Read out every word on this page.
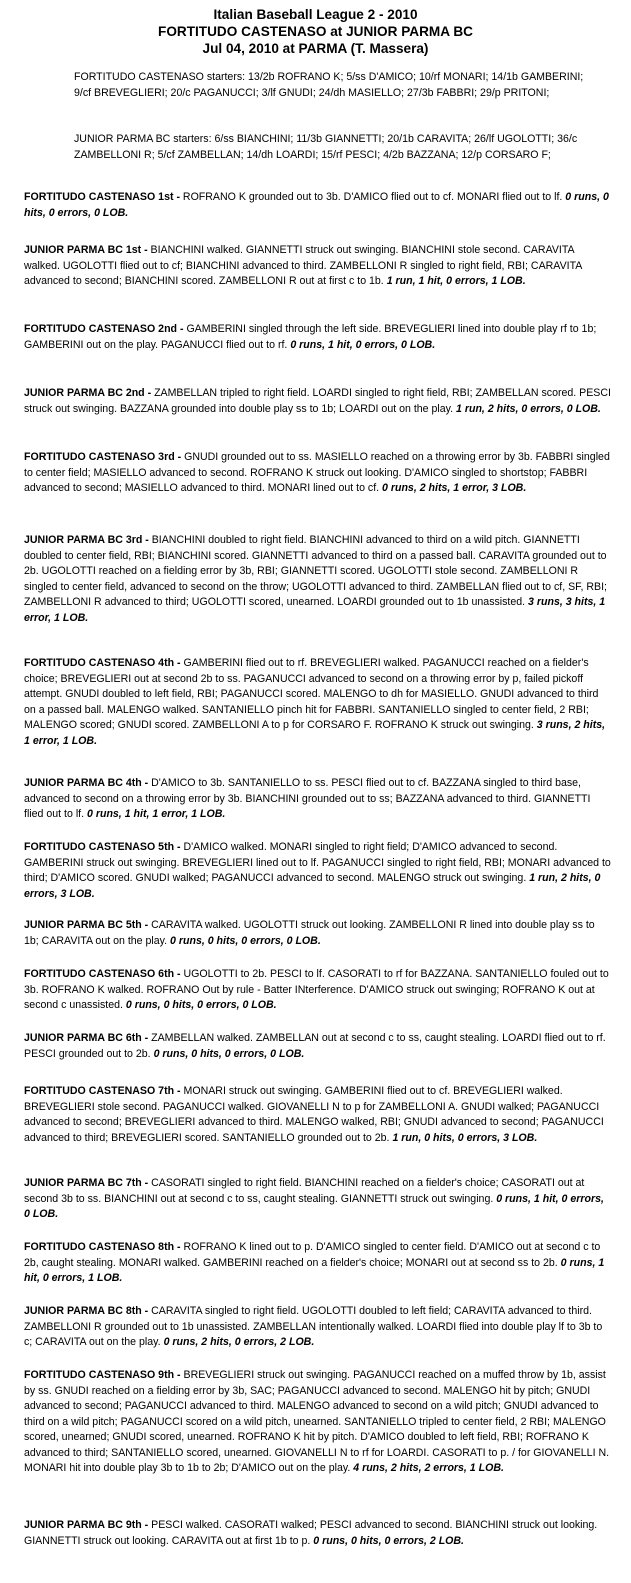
Italian Baseball League 2 - 2010
FORTITUDO CASTENASO at JUNIOR PARMA BC
Jul 04, 2010 at PARMA (T. Massera)

FORTITUDO CASTENASO starters: 13/2b ROFRANO K; 5/ss D'AMICO; 10/rf MONARI; 14/1b GAMBERINI; 9/cf BREVEGLIERI; 20/c PAGANUCCI; 3/lf GNUDI; 24/dh MASIELLO; 27/3b FABBRI; 29/p PRITONI;

JUNIOR PARMA BC starters: 6/ss BIANCHINI; 11/3b GIANNETTI; 20/1b CARAVITA; 26/lf UGOLOTTI; 36/c ZAMBELLONI R; 5/cf ZAMBELLAN; 14/dh LOARDI; 15/rf PESCI; 4/2b BAZZANA; 12/p CORSARO F;

FORTITUDO CASTENASO 1st - ROFRANO K grounded out to 3b. D'AMICO flied out to cf. MONARI flied out to lf. 0 runs, 0 hits, 0 errors, 0 LOB.

JUNIOR PARMA BC 1st - BIANCHINI walked. GIANNETTI struck out swinging. BIANCHINI stole second. CARAVITA walked. UGOLOTTI flied out to cf; BIANCHINI advanced to third. ZAMBELLONI R singled to right field, RBI; CARAVITA advanced to second; BIANCHINI scored. ZAMBELLONI R out at first c to 1b. 1 run, 1 hit, 0 errors, 1 LOB.

FORTITUDO CASTENASO 2nd - GAMBERINI singled through the left side. BREVEGLIERI lined into double play rf to 1b; GAMBERINI out on the play. PAGANUCCI flied out to rf. 0 runs, 1 hit, 0 errors, 0 LOB.

JUNIOR PARMA BC 2nd - ZAMBELLAN tripled to right field. LOARDI singled to right field, RBI; ZAMBELLAN scored. PESCI struck out swinging. BAZZANA grounded into double play ss to 1b; LOARDI out on the play. 1 run, 2 hits, 0 errors, 0 LOB.

FORTITUDO CASTENASO 3rd - GNUDI grounded out to ss. MASIELLO reached on a throwing error by 3b. FABBRI singled to center field; MASIELLO advanced to second. ROFRANO K struck out looking. D'AMICO singled to shortstop; FABBRI advanced to second; MASIELLO advanced to third. MONARI lined out to cf. 0 runs, 2 hits, 1 error, 3 LOB.

JUNIOR PARMA BC 3rd - BIANCHINI doubled to right field. BIANCHINI advanced to third on a wild pitch. GIANNETTI doubled to center field, RBI; BIANCHINI scored. GIANNETTI advanced to third on a passed ball. CARAVITA grounded out to 2b. UGOLOTTI reached on a fielding error by 3b, RBI; GIANNETTI scored. UGOLOTTI stole second. ZAMBELLONI R singled to center field, advanced to second on the throw; UGOLOTTI advanced to third. ZAMBELLAN flied out to cf, SF, RBI; ZAMBELLONI R advanced to third; UGOLOTTI scored, unearned. LOARDI grounded out to 1b unassisted. 3 runs, 3 hits, 1 error, 1 LOB.

FORTITUDO CASTENASO 4th - GAMBERINI flied out to rf. BREVEGLIERI walked. PAGANUCCI reached on a fielder's choice; BREVEGLIERI out at second 2b to ss. PAGANUCCI advanced to second on a throwing error by p, failed pickoff attempt. GNUDI doubled to left field, RBI; PAGANUCCI scored. MALENGO to dh for MASIELLO. GNUDI advanced to third on a passed ball. MALENGO walked. SANTANIELLO pinch hit for FABBRI. SANTANIELLO singled to center field, 2 RBI; MALENGO scored; GNUDI scored. ZAMBELLONI A to p for CORSARO F. ROFRANO K struck out swinging. 3 runs, 2 hits, 1 error, 1 LOB.

JUNIOR PARMA BC 4th - D'AMICO to 3b. SANTANIELLO to ss. PESCI flied out to cf. BAZZANA singled to third base, advanced to second on a throwing error by 3b. BIANCHINI grounded out to ss; BAZZANA advanced to third. GIANNETTI flied out to lf. 0 runs, 1 hit, 1 error, 1 LOB.

FORTITUDO CASTENASO 5th - D'AMICO walked. MONARI singled to right field; D'AMICO advanced to second. GAMBERINI struck out swinging. BREVEGLIERI lined out to lf. PAGANUCCI singled to right field, RBI; MONARI advanced to third; D'AMICO scored. GNUDI walked; PAGANUCCI advanced to second. MALENGO struck out swinging. 1 run, 2 hits, 0 errors, 3 LOB.

JUNIOR PARMA BC 5th - CARAVITA walked. UGOLOTTI struck out looking. ZAMBELLONI R lined into double play ss to 1b; CARAVITA out on the play. 0 runs, 0 hits, 0 errors, 0 LOB.

FORTITUDO CASTENASO 6th - UGOLOTTI to 2b. PESCI to lf. CASORATI to rf for BAZZANA. SANTANIELLO fouled out to 3b. ROFRANO K walked. ROFRANO Out by rule - Batter INterference. D'AMICO struck out swinging; ROFRANO K out at second c unassisted. 0 runs, 0 hits, 0 errors, 0 LOB.

JUNIOR PARMA BC 6th - ZAMBELLAN walked. ZAMBELLAN out at second c to ss, caught stealing. LOARDI flied out to rf. PESCI grounded out to 2b. 0 runs, 0 hits, 0 errors, 0 LOB.

FORTITUDO CASTENASO 7th - MONARI struck out swinging. GAMBERINI flied out to cf. BREVEGLIERI walked. BREVEGLIERI stole second. PAGANUCCI walked. GIOVANELLI N to p for ZAMBELLONI A. GNUDI walked; PAGANUCCI advanced to second; BREVEGLIERI advanced to third. MALENGO walked, RBI; GNUDI advanced to second; PAGANUCCI advanced to third; BREVEGLIERI scored. SANTANIELLO grounded out to 2b. 1 run, 0 hits, 0 errors, 3 LOB.

JUNIOR PARMA BC 7th - CASORATI singled to right field. BIANCHINI reached on a fielder's choice; CASORATI out at second 3b to ss. BIANCHINI out at second c to ss, caught stealing. GIANNETTI struck out swinging. 0 runs, 1 hit, 0 errors, 0 LOB.

FORTITUDO CASTENASO 8th - ROFRANO K lined out to p. D'AMICO singled to center field. D'AMICO out at second c to 2b, caught stealing. MONARI walked. GAMBERINI reached on a fielder's choice; MONARI out at second ss to 2b. 0 runs, 1 hit, 0 errors, 1 LOB.

JUNIOR PARMA BC 8th - CARAVITA singled to right field. UGOLOTTI doubled to left field; CARAVITA advanced to third. ZAMBELLONI R grounded out to 1b unassisted. ZAMBELLAN intentionally walked. LOARDI flied into double play lf to 3b to c; CARAVITA out on the play. 0 runs, 2 hits, 0 errors, 2 LOB.

FORTITUDO CASTENASO 9th - BREVEGLIERI struck out swinging. PAGANUCCI reached on a muffed throw by 1b, assist by ss. GNUDI reached on a fielding error by 3b, SAC; PAGANUCCI advanced to second. MALENGO hit by pitch; GNUDI advanced to second; PAGANUCCI advanced to third. MALENGO advanced to second on a wild pitch; GNUDI advanced to third on a wild pitch; PAGANUCCI scored on a wild pitch, unearned. SANTANIELLO tripled to center field, 2 RBI; MALENGO scored, unearned; GNUDI scored, unearned. ROFRANO K hit by pitch. D'AMICO doubled to left field, RBI; ROFRANO K advanced to third; SANTANIELLO scored, unearned. GIOVANELLI N to rf for LOARDI. CASORATI to p. / for GIOVANELLI N. MONARI hit into double play 3b to 1b to 2b; D'AMICO out on the play. 4 runs, 2 hits, 2 errors, 1 LOB.

JUNIOR PARMA BC 9th - PESCI walked. CASORATI walked; PESCI advanced to second. BIANCHINI struck out looking. GIANNETTI struck out looking. CARAVITA out at first 1b to p. 0 runs, 0 hits, 0 errors, 2 LOB.
